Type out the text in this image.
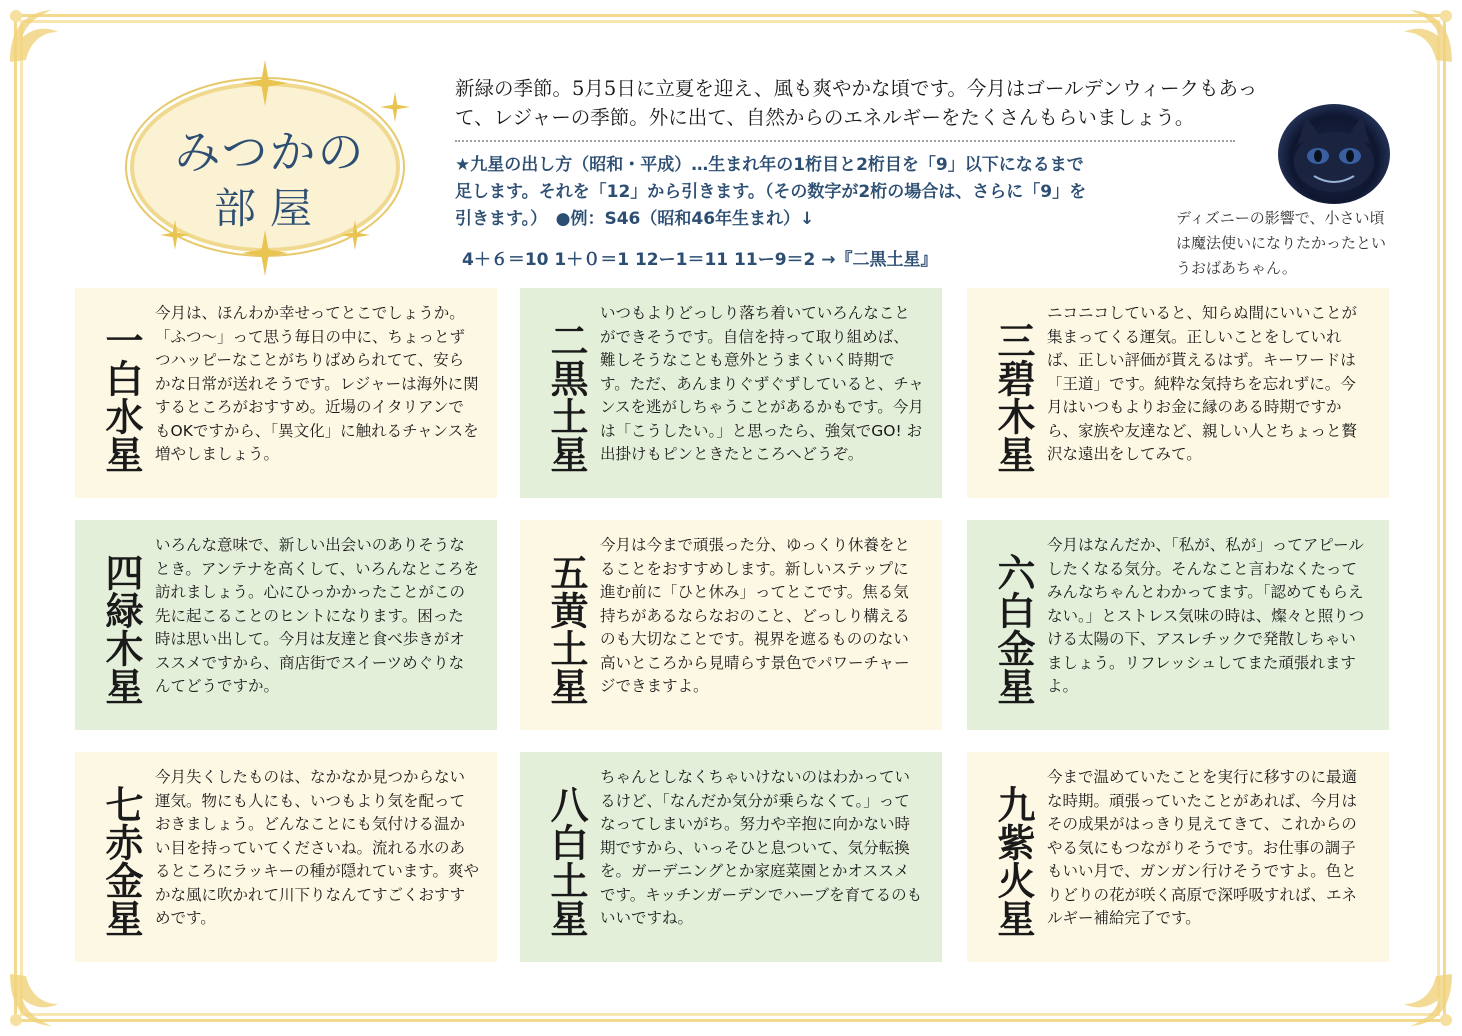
みつかの
部屋
新緑の季節。5月5日に立夏を迎え、風も爽やかな頃です。今月はゴールデンウィークもあって、レジャーの季節。外に出て、自然からのエネルギーをたくさんもらいましょう。
★九星の出し方（昭和・平成）…生まれ年の1桁目と2桁目を「9」以下になるまで足します。それを「12」から引きます。（その数字が2桁の場合は、さらに「9」を引きます。）　●例：S46（昭和46年生まれ）↓
4＋６＝10 1＋０＝1 12ー1＝11 11ー9＝2 →『二黒土星』
ディズニーの影響で、小さい頃は魔法使いになりたかったというおばあちゃん。
一白水星
今月は、ほんわか幸せってとこでしょうか。「ふつ〜」って思う毎日の中に、ちょっとずつハッピーなことがちりばめられてて、安らかな日常が送れそうです。レジャーは海外に関するところがおすすめ。近場のイタリアンでもOKですから、「異文化」に触れるチャンスを増やしましょう。	二黒土星
いつもよりどっしり落ち着いていろんなことができそうです。自信を持って取り組めば、難しそうなことも意外とうまくいく時期です。ただ、あんまりぐずぐずしていると、チャンスを逃がしちゃうことがあるかもです。今月は「こうしたい。」と思ったら、強気でGO! お出掛けもピンときたところへどうぞ。	三碧木星
ニコニコしていると、知らぬ間にいいことが集まってくる運気。正しいことをしていれば、正しい評価が貰えるはず。キーワードは「王道」です。純粋な気持ちを忘れずに。今月はいつもよりお金に縁のある時期ですから、家族や友達など、親しい人とちょっと贅沢な遠出をしてみて。
四緑木星
いろんな意味で、新しい出会いのありそうなとき。アンテナを高くして、いろんなところを訪れましょう。心にひっかかったことがこの先に起こることのヒントになります。困った時は思い出して。今月は友達と食べ歩きがオススメですから、商店街でスイーツめぐりなんてどうですか。	五黄土星
今月は今まで頑張った分、ゆっくり休養をとることをおすすめします。新しいステップに進む前に「ひと休み」ってとこです。焦る気持ちがあるならなおのこと、どっしり構えるのも大切なことです。視界を遮るもののない高いところから見晴らす景色でパワーチャージできますよ。	六白金星
今月はなんだか、「私が、私が」ってアピールしたくなる気分。そんなこと言わなくたってみんなちゃんとわかってます。「認めてもらえない。」とストレス気味の時は、燦々と照りつける太陽の下、アスレチックで発散しちゃいましょう。リフレッシュしてまた頑張れますよ。
七赤金星
今月失くしたものは、なかなか見つからない運気。物にも人にも、いつもより気を配っておきましょう。どんなことにも気付ける温かい目を持っていてくださいね。流れる水のあるところにラッキーの種が隠れています。爽やかな風に吹かれて川下りなんてすごくおすすめです。	八白土星
ちゃんとしなくちゃいけないのはわかっているけど、「なんだか気分が乗らなくて。」ってなってしまいがち。努力や辛抱に向かない時期ですから、いっそひと息ついて、気分転換を。ガーデニングとか家庭菜園とかオススメです。キッチンガーデンでハーブを育てるのもいいですね。	九紫火星
今まで温めていたことを実行に移すのに最適な時期。頑張っていたことがあれば、今月はその成果がはっきり見えてきて、これからのやる気にもつながりそうです。お仕事の調子もいい月で、ガンガン行けそうですよ。色とりどりの花が咲く高原で深呼吸すれば、エネルギー補給完了です。
